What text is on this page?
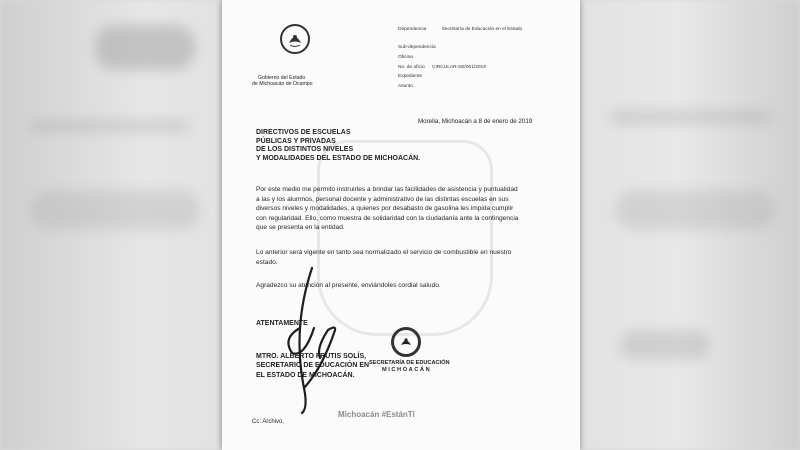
Gobierno del Estado
de Michoacán de Ocampo
Dependencia	Secretaría de Educación en el Estado
Sub-dependencia
Oficina
No. de oficio CIRCULAR-SE/001/2019
Expediente
Asunto
Morelia, Michoacán a 8 de enero de 2019
DIRECTIVOS DE ESCUELAS
PÚBLICAS Y PRIVADAS
DE LOS DISTINTOS NIVELES
Y MODALIDADES DEL ESTADO DE MICHOACÁN.
Por este medio me permito instruirles a brindar las facilidades de asistencia y puntualidad
a las y los alumnos, personal docente y administrativo de las distintas escuelas en sus
diversos niveles y modalidades, a quienes por desabasto de gasolina les impida cumplir
con regularidad. Ello, como muestra de solidaridad con la ciudadanía ante la contingencia
que se presenta en la entidad.
Lo anterior será vigente en tanto sea normalizado el servicio de combustible en nuestro
estado.
Agradezco su atención al presente, enviándoles cordial saludo.
ATENTAMENTE
MTRO. ALBERTO FRUTIS SOLÍS,
SECRETARIO DE EDUCACIÓN EN
EL ESTADO DE MICHOACÁN.
SECRETARÍA DE EDUCACIÓN
MICHOACÁN
Michoacán #EstánTi
Cc: Archivo.
